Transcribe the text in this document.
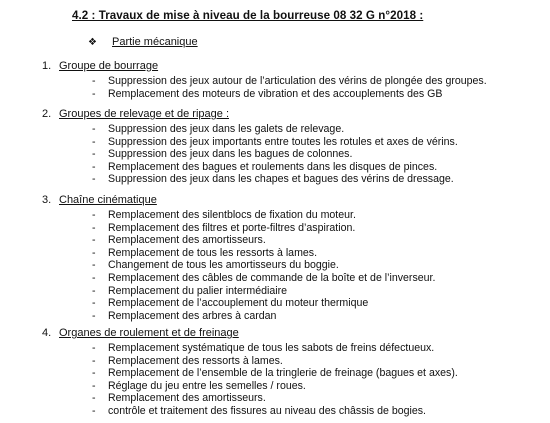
4.2 : Travaux de mise à niveau de la bourreuse 08 32 G n°2018 :
❖ Partie mécanique
1. Groupe de bourrage
- Suppression des jeux autour de l’articulation des vérins de plongée des groupes.
- Remplacement des moteurs de vibration et des accouplements des GB
2. Groupes de relevage et de ripage :
- Suppression des jeux dans les galets de relevage.
- Suppression des jeux importants entre toutes les rotules et axes de vérins.
- Suppression des jeux dans les bagues de colonnes.
- Remplacement des bagues et roulements dans les disques de pinces.
- Suppression des jeux dans les chapes et bagues des vérins de dressage.
3. Chaîne cinématique
- Remplacement des silentblocs de fixation du moteur.
- Remplacement des filtres et porte-filtres d’aspiration.
- Remplacement des amortisseurs.
- Remplacement de tous les ressorts à lames.
- Changement de tous les amortisseurs du boggie.
- Remplacement des câbles de commande de la boîte et de l’inverseur.
- Remplacement du palier intermédiaire
- Remplacement de l’accouplement du moteur thermique
- Remplacement des arbres à cardan
4. Organes de roulement et de freinage
- Remplacement systématique de tous les sabots de freins défectueux.
- Remplacement des ressorts à lames.
- Remplacement de l’ensemble de la tringlerie de freinage (bagues et axes).
- Réglage du jeu entre les semelles / roues.
- Remplacement des amortisseurs.
- contrôle et traitement des fissures au niveau des châssis de bogies.
